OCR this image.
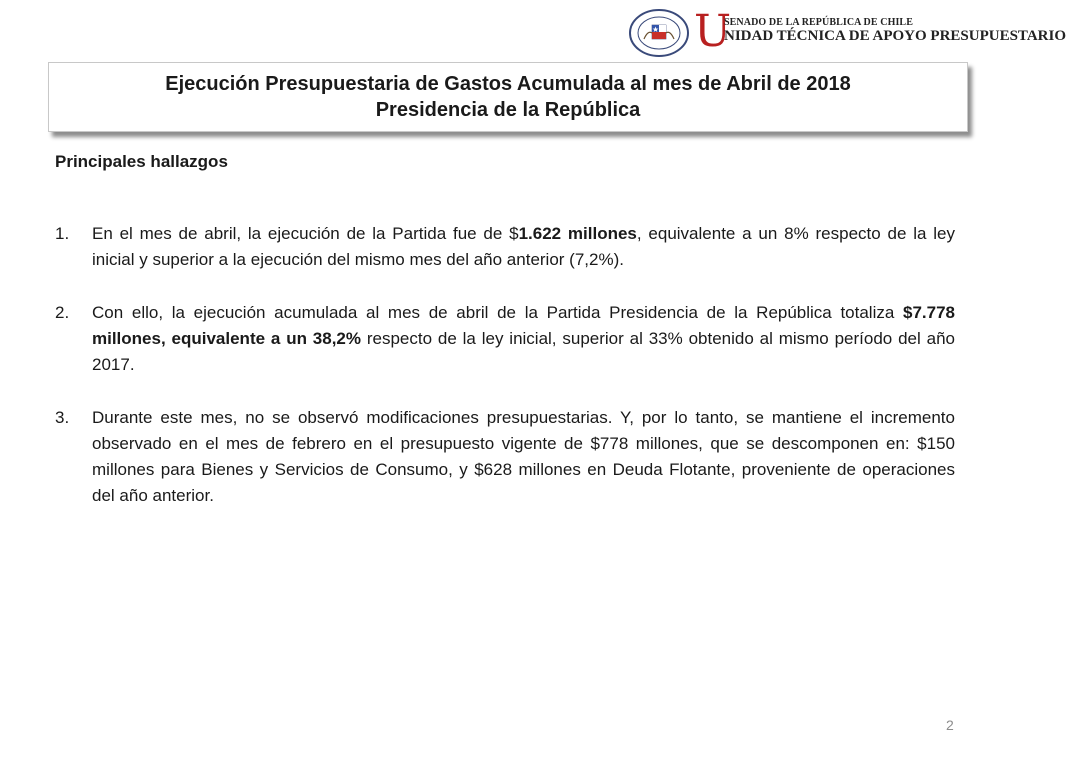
U
SENADO DE LA REPÚBLICA DE CHILE
NIDAD TÉCNICA DE APOYO PRESUPUESTARIO
Ejecución Presupuestaria de Gastos Acumulada al mes de Abril de 2018
Presidencia de la República
Principales hallazgos
1. En el mes de abril, la ejecución de la Partida fue de $1.622 millones, equivalente a un 8% respecto de la ley inicial y superior a la ejecución del mismo mes del año anterior (7,2%).
2. Con ello, la ejecución acumulada al mes de abril de la Partida Presidencia de la República totaliza $7.778 millones, equivalente a un 38,2% respecto de la ley inicial, superior al 33% obtenido al mismo período del año 2017.
3. Durante este mes, no se observó modificaciones presupuestarias. Y, por lo tanto, se mantiene el incremento observado en el mes de febrero en el presupuesto vigente de $778 millones, que se descomponen en: $150 millones para Bienes y Servicios de Consumo, y $628 millones en Deuda Flotante, proveniente de operaciones del año anterior.
2
